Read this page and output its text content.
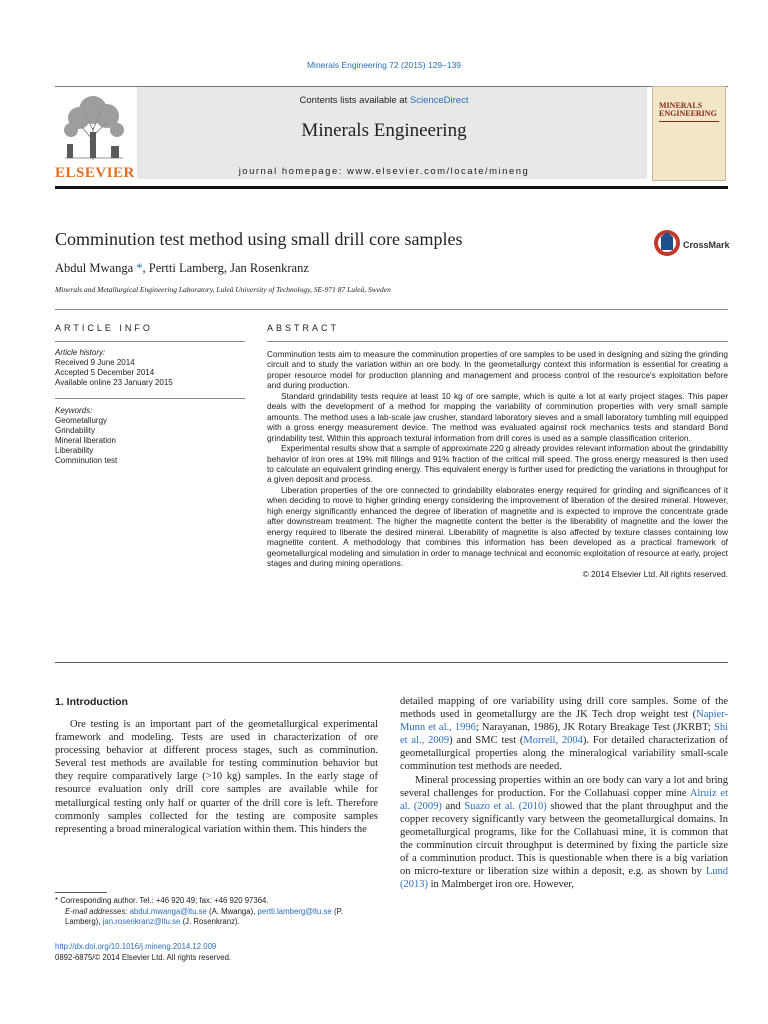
Minerals Engineering 72 (2015) 129–139
ELSEVIER
Contents lists available at ScienceDirect
Minerals Engineering
journal homepage: www.elsevier.com/locate/mineng
MINERALS
ENGINEERING
Comminution test method using small drill core samples	CrossMark
Abdul Mwanga *, Pertti Lamberg, Jan Rosenkranz
Minerals and Metallurgical Engineering Laboratory, Luleå University of Technology, SE-971 87 Luleå, Sweden
ARTICLE INFO
Article history:
Received 9 June 2014
Accepted 5 December 2014
Available online 23 January 2015
Keywords:
Geometallurgy
Grindability
Mineral liberation
Liberability
Comminution test
ABSTRACT

Comminution tests aim to measure the comminution properties of ore samples to be used in designing and sizing the grinding circuit and to study the variation within an ore body. In the geometallurgy context this information is essential for creating a proper resource model for production planning and management and process control of the resource's exploitation before and during production.

Standard grindability tests require at least 10 kg of ore sample, which is quite a lot at early project stages. This paper deals with the development of a method for mapping the variability of comminution properties with very small sample amounts. The method uses a lab-scale jaw crusher, standard laboratory sieves and a small laboratory tumbling mill equipped with a gross energy measurement device. The method was evaluated against rock mechanics tests and standard Bond grindability test. Within this approach textural information from drill cores is used as a sample classification criterion.

Experimental results show that a sample of approximate 220 g already provides relevant information about the grindability behavior of iron ores at 19% mill fillings and 91% fraction of the critical mill speed. The gross energy measured is then used to calculate an equivalent grinding energy. This equivalent energy is further used for predicting the variations in throughput for a given deposit and process.

Liberation properties of the ore connected to grindability elaborates energy required for grinding and significances of it when deciding to move to higher grinding energy considering the improvement of liberation of the desired mineral. However, high energy significantly enhanced the degree of liberation of magnetite and is expected to improve the concentrate grade after downstream treatment. The higher the magnetite content the better is the liberability of magnetite and the lower the energy required to liberate the desired mineral. Liberability of magnetite is also affected by texture classes containing low magnetite content. A methodology that combines this information has been developed as a practical framework of geometallurgical modeling and simulation in order to manage technical and economic exploitation of resource at early, project stages and during mining operations.

© 2014 Elsevier Ltd. All rights reserved.
1. Introduction

Ore testing is an important part of the geometallurgical experimental framework and modeling. Tests are used in characterization of ore processing behavior at different process stages, such as comminution. Several test methods are available for testing comminution behavior but they require comparatively large (>10 kg) samples. In the early stage of resource evaluation only drill core samples are available while for metallurgical testing only half or quarter of the drill core is left. Therefore commonly samples collected for the testing are composite samples representing a broad mineralogical variation within them. This hinders the

detailed mapping of ore variability using drill core samples. Some of the methods used in geometallurgy are the JK Tech drop weight test (Napier-Munn et al., 1996; Narayanan, 1986), JK Rotary Breakage Test (JKRBT; Shi et al., 2009) and SMC test (Morrell, 2004). For detailed characterization of geometallurgical properties along the mineralogical variability small-scale comminution test methods are needed.

Mineral processing properties within an ore body can vary a lot and bring several challenges for production. For the Collahuasi copper mine Alruiz et al. (2009) and Suazo et al. (2010) showed that the plant throughput and the copper recovery significantly vary between the geometallurgical domains. In geometallurgical programs, like for the Collahuasi mine, it is common that the comminution circuit throughput is determined by fixing the particle size of a comminution product. This is questionable when there is a big variation on micro-texture or liberation size within a deposit, e.g. as shown by Lund (2013) in Malmberget iron ore. However,

* Corresponding author. Tel.: +46 920 49; fax: +46 920 97364.
E-mail addresses: abdul.mwanga@ltu.se (A. Mwanga), pertti.lamberg@ltu.se (P. Lamberg), jan.rosenkranz@ltu.se (J. Rosenkranz).
http://dx.doi.org/10.1016/j.mineng.2014.12.009
0892-6875/© 2014 Elsevier Ltd. All rights reserved.
